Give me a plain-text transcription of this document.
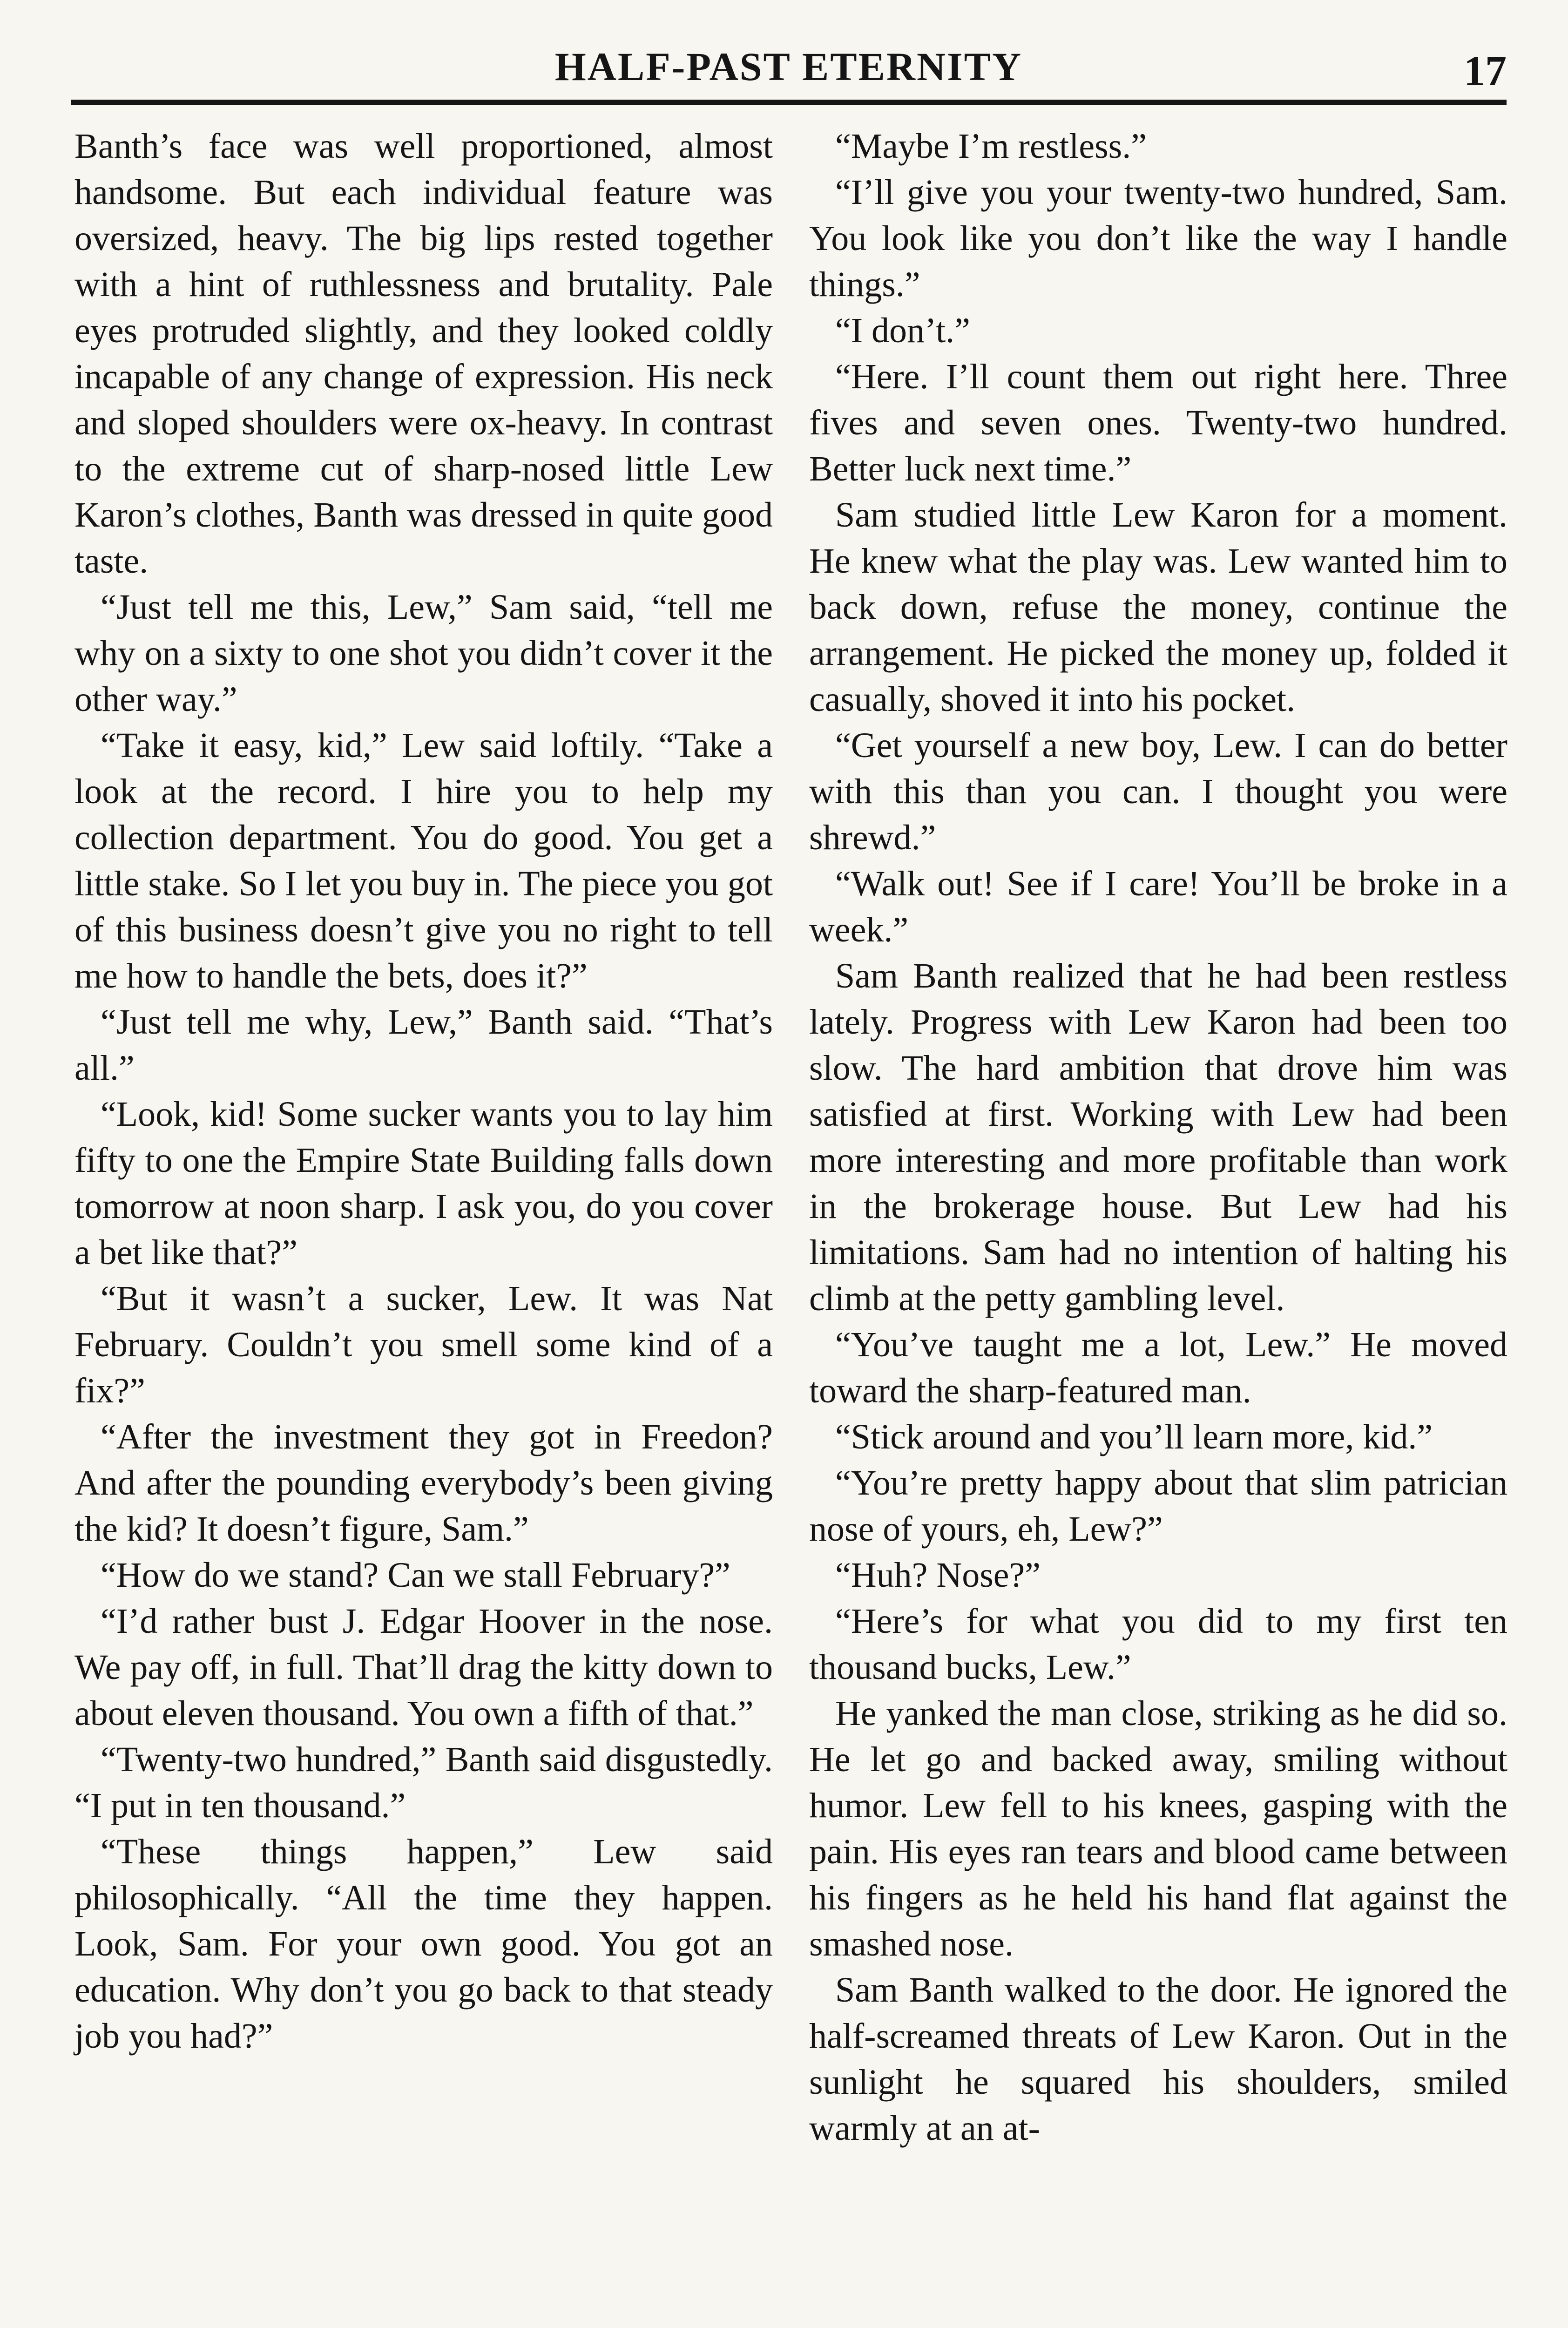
HALF-PAST ETERNITY	17

Banth’s face was well proportioned, almost handsome. But each individual feature was oversized, heavy. The big lips rested together with a hint of ruthlessness and brutality. Pale eyes protruded slightly, and they looked coldly incapable of any change of expression. His neck and sloped shoulders were ox-heavy. In contrast to the extreme cut of sharp-nosed little Lew Karon’s clothes, Banth was dressed in quite good taste.

“Just tell me this, Lew,” Sam said, “tell me why on a sixty to one shot you didn’t cover it the other way.”

“Take it easy, kid,” Lew said loftily. “Take a look at the record. I hire you to help my collection department. You do good. You get a little stake. So I let you buy in. The piece you got of this business doesn’t give you no right to tell me how to handle the bets, does it?”

“Just tell me why, Lew,” Banth said. “That’s all.”

“Look, kid! Some sucker wants you to lay him fifty to one the Empire State Building falls down tomorrow at noon sharp. I ask you, do you cover a bet like that?”

“But it wasn’t a sucker, Lew. It was Nat February. Couldn’t you smell some kind of a fix?”

“After the investment they got in Freedon? And after the pounding everybody’s been giving the kid? It doesn’t figure, Sam.”

“How do we stand? Can we stall February?”

“I’d rather bust J. Edgar Hoover in the nose. We pay off, in full. That’ll drag the kitty down to about eleven thousand. You own a fifth of that.”

“Twenty-two hundred,” Banth said disgustedly. “I put in ten thousand.”

“These things happen,” Lew said philosophically. “All the time they happen. Look, Sam. For your own good. You got an education. Why don’t you go back to that steady job you had?”

“Maybe I’m restless.”

“I’ll give you your twenty-two hundred, Sam. You look like you don’t like the way I handle things.”

“I don’t.”

“Here. I’ll count them out right here. Three fives and seven ones. Twenty-two hundred. Better luck next time.”

Sam studied little Lew Karon for a moment. He knew what the play was. Lew wanted him to back down, refuse the money, continue the arrangement. He picked the money up, folded it casually, shoved it into his pocket.

“Get yourself a new boy, Lew. I can do better with this than you can. I thought you were shrewd.”

“Walk out! See if I care! You’ll be broke in a week.”

Sam Banth realized that he had been restless lately. Progress with Lew Karon had been too slow. The hard ambition that drove him was satisfied at first. Working with Lew had been more interesting and more profitable than work in the brokerage house. But Lew had his limitations. Sam had no intention of halting his climb at the petty gambling level.

“You’ve taught me a lot, Lew.” He moved toward the sharp-featured man.

“Stick around and you’ll learn more, kid.”

“You’re pretty happy about that slim patrician nose of yours, eh, Lew?”

“Huh? Nose?”

“Here’s for what you did to my first ten thousand bucks, Lew.”

He yanked the man close, striking as he did so. He let go and backed away, smiling without humor. Lew fell to his knees, gasping with the pain. His eyes ran tears and blood came between his fingers as he held his hand flat against the smashed nose.

Sam Banth walked to the door. He ignored the half-screamed threats of Lew Karon. Out in the sunlight he squared his shoulders, smiled warmly at an at-
